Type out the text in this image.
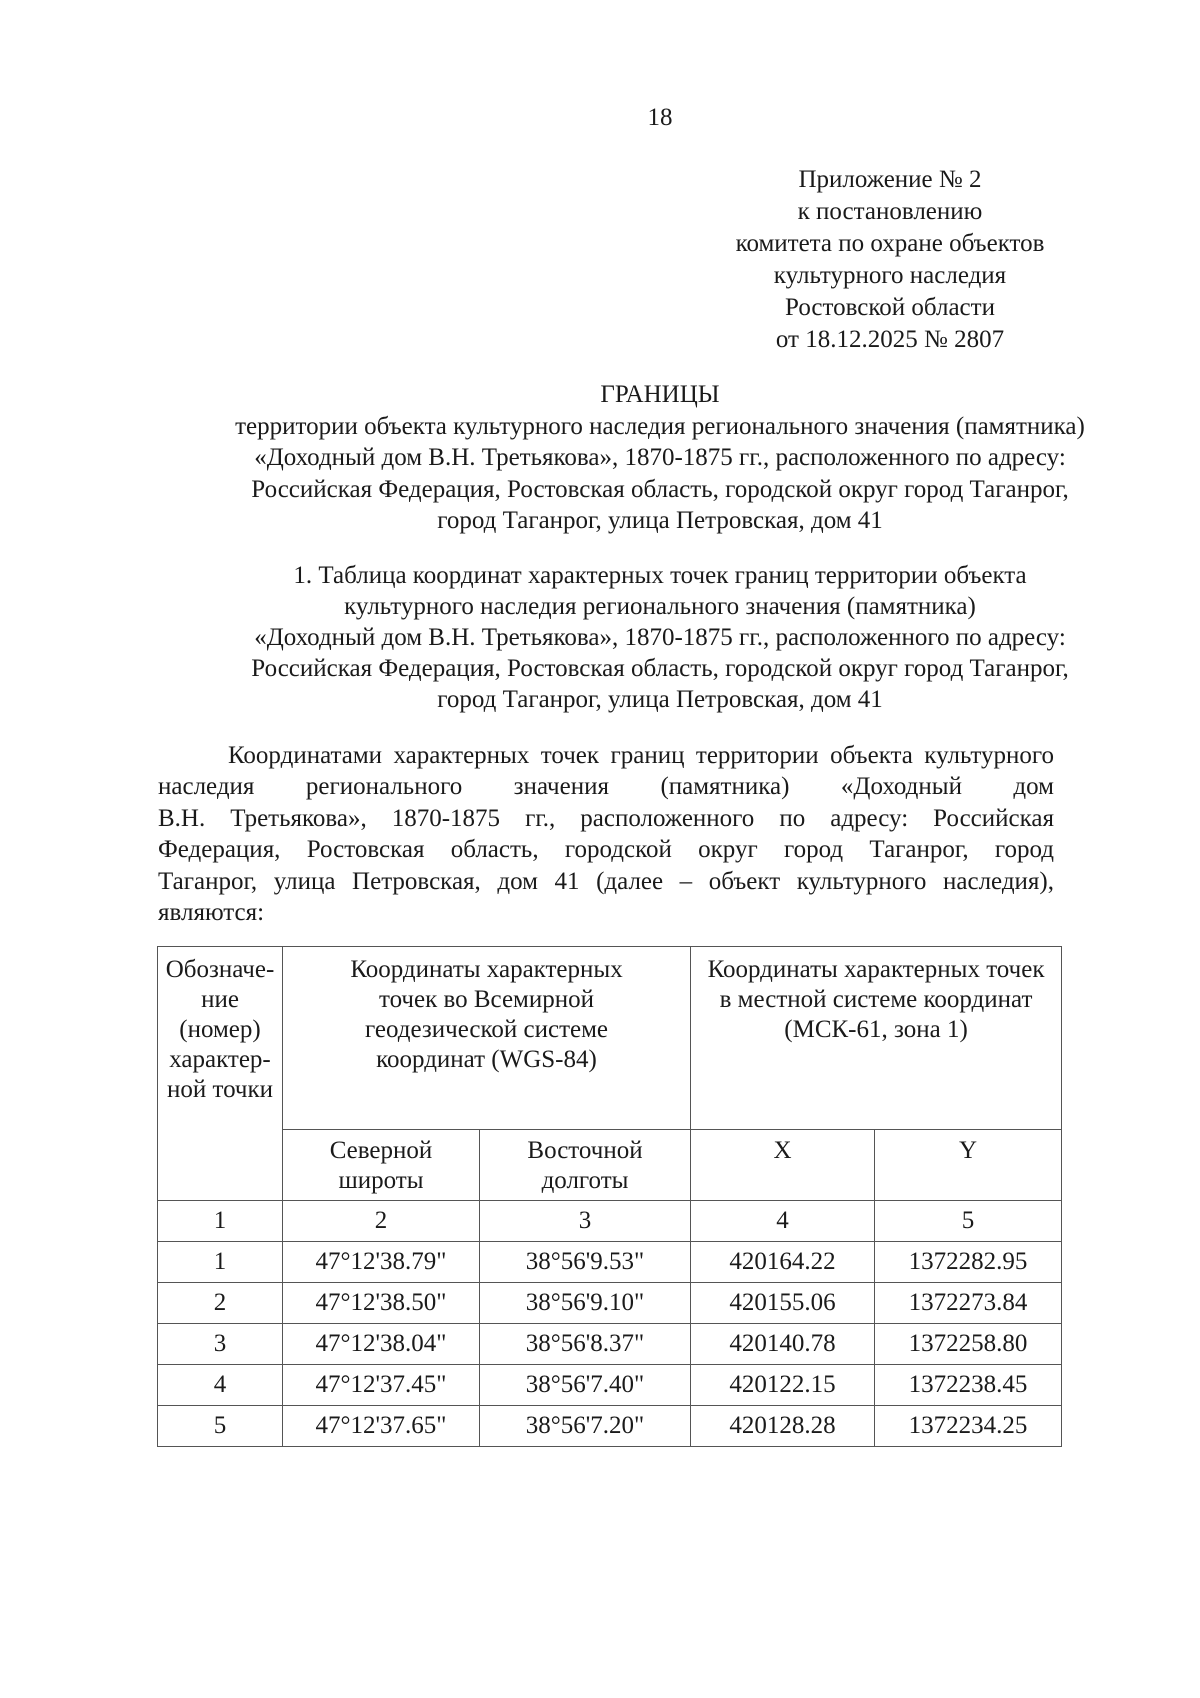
18
Приложение № 2
к постановлению
комитета по охране объектов
культурного наследия
Ростовской области
от 18.12.2025 № 2807
ГРАНИЦЫ
территории объекта культурного наследия регионального значения (памятника)
«Доходный дом В.Н. Третьякова», 1870-1875 гг., расположенного по адресу:
Российская Федерация, Ростовская область, городской округ город Таганрог,
город Таганрог, улица Петровская, дом 41
1. Таблица координат характерных точек границ территории объекта
культурного наследия регионального значения (памятника)
«Доходный дом В.Н. Третьякова», 1870-1875 гг., расположенного по адресу:
Российская Федерация, Ростовская область, городской округ город Таганрог,
город Таганрог, улица Петровская, дом 41
Координатами характерных точек границ территории объекта культурного
наследия регионального значения (памятника) «Доходный дом
В.Н. Третьякова», 1870-1875 гг., расположенного по адресу: Российская
Федерация, Ростовская область, городской округ город Таганрог, город
Таганрог, улица Петровская, дом 41 (далее – объект культурного наследия),
являются:
Обозначе-
ние
(номер)
характер-
ной точки	Координаты характерных
точек во Всемирной
геодезической системе
координат (WGS-84)		Координаты характерных точек
в местной системе координат
(МСК-61, зона 1)	

	Северной
широты	Восточной
долготы	X	Y
1	2	3	4	5
1	47°12'38.79"	38°56'9.53"	420164.22	1372282.95
2	47°12'38.50"	38°56'9.10"	420155.06	1372273.84
3	47°12'38.04"	38°56'8.37"	420140.78	1372258.80
4	47°12'37.45"	38°56'7.40"	420122.15	1372238.45
5	47°12'37.65"	38°56'7.20"	420128.28	1372234.25
